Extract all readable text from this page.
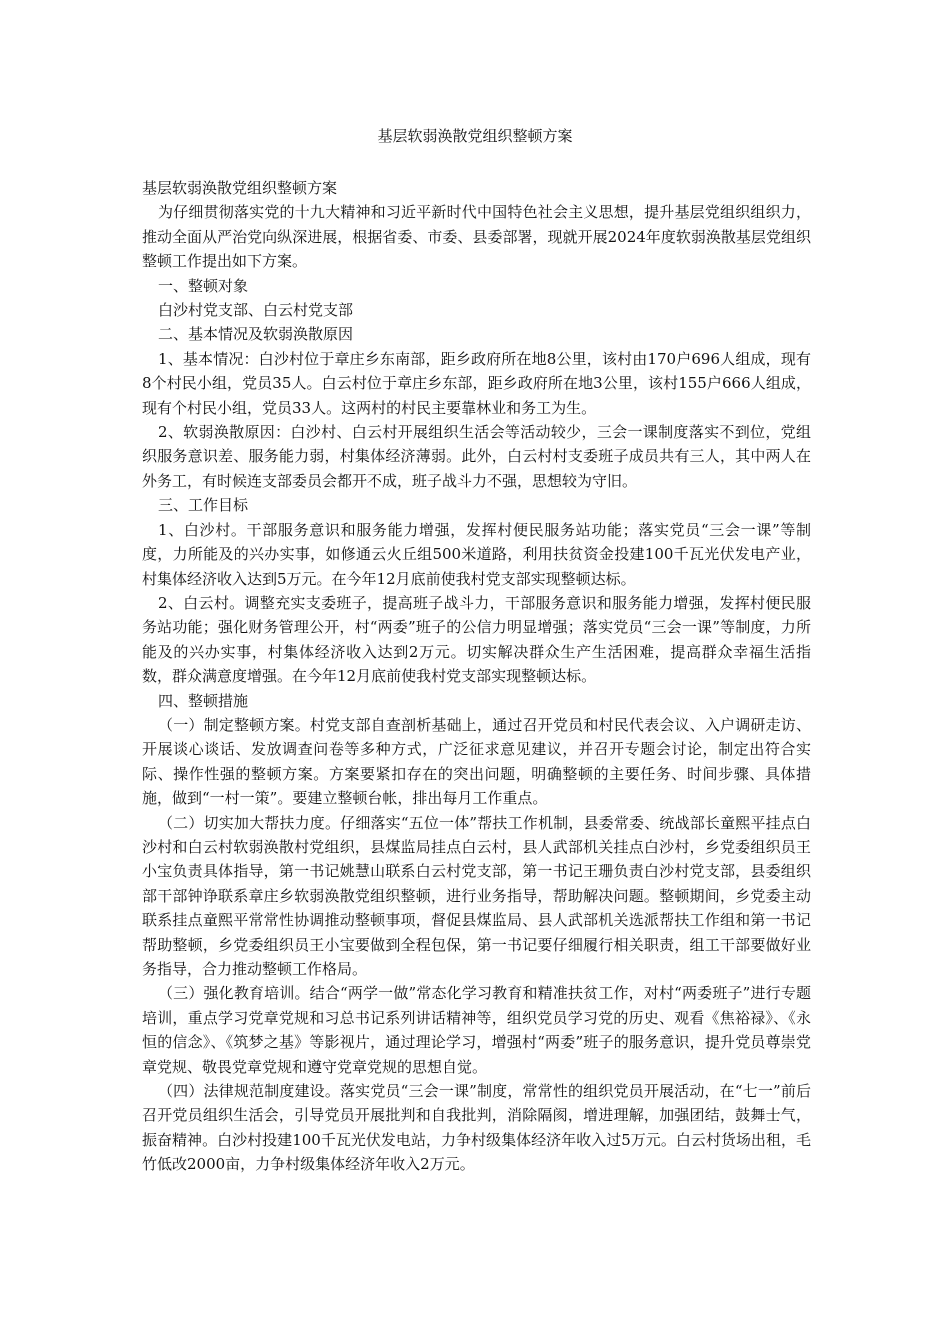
基层软弱涣散党组织整顿方案

基层软弱涣散党组织整顿方案

为仔细贯彻落实党的十九大精神和习近平新时代中国特色社会主义思想，提升基层党组织组织力，推动全面从严治党向纵深进展，根据省委、市委、县委部署，现就开展2024年度软弱涣散基层党组织整顿工作提出如下方案。

一、整顿对象

白沙村党支部、白云村党支部

二、基本情况及软弱涣散原因

1、基本情况：白沙村位于章庄乡东南部，距乡政府所在地8公里，该村由170户696人组成，现有8个村民小组，党员35人。白云村位于章庄乡东部，距乡政府所在地3公里，该村155户666人组成，现有个村民小组，党员33人。这两村的村民主要靠林业和务工为生。

2、软弱涣散原因：白沙村、白云村开展组织生活会等活动较少，三会一课制度落实不到位，党组织服务意识差、服务能力弱，村集体经济薄弱。此外，白云村村支委班子成员共有三人，其中两人在外务工，有时候连支部委员会都开不成，班子战斗力不强，思想较为守旧。

三、工作目标

1、白沙村。干部服务意识和服务能力增强，发挥村便民服务站功能；落实党员“三会一课”等制度，力所能及的兴办实事，如修通云火丘组500米道路，利用扶贫资金投建100千瓦光伏发电产业，村集体经济收入达到5万元。在今年12月底前使我村党支部实现整顿达标。

2、白云村。调整充实支委班子，提高班子战斗力，干部服务意识和服务能力增强，发挥村便民服务站功能；强化财务管理公开，村“两委”班子的公信力明显增强；落实党员“三会一课”等制度，力所能及的兴办实事，村集体经济收入达到2万元。切实解决群众生产生活困难，提高群众幸福生活指数，群众满意度增强。在今年12月底前使我村党支部实现整顿达标。

四、整顿措施

（一）制定整顿方案。村党支部自查剖析基础上，通过召开党员和村民代表会议、入户调研走访、开展谈心谈话、发放调查问卷等多种方式，广泛征求意见建议，并召开专题会讨论，制定出符合实际、操作性强的整顿方案。方案要紧扣存在的突出问题，明确整顿的主要任务、时间步骤、具体措施，做到“一村一策”。要建立整顿台帐，排出每月工作重点。

（二）切实加大帮扶力度。仔细落实“五位一体”帮扶工作机制，县委常委、统战部长童熙平挂点白沙村和白云村软弱涣散村党组织，县煤监局挂点白云村，县人武部机关挂点白沙村，乡党委组织员王小宝负责具体指导，第一书记姚慧山联系白云村党支部，第一书记王珊负责白沙村党支部，县委组织部干部钟诤联系章庄乡软弱涣散党组织整顿，进行业务指导，帮助解决问题。整顿期间，乡党委主动联系挂点童熙平常常性协调推动整顿事项，督促县煤监局、县人武部机关选派帮扶工作组和第一书记帮助整顿，乡党委组织员王小宝要做到全程包保，第一书记要仔细履行相关职责，组工干部要做好业务指导，合力推动整顿工作格局。

（三）强化教育培训。结合“两学一做”常态化学习教育和精准扶贫工作，对村“两委班子”进行专题培训，重点学习党章党规和习总书记系列讲话精神等，组织党员学习党的历史、观看《焦裕禄》、《永恒的信念》、《筑梦之基》等影视片，通过理论学习，增强村“两委”班子的服务意识，提升党员尊崇党章党规、敬畏党章党规和遵守党章党规的思想自觉。

（四）法律规范制度建设。落实党员“三会一课”制度，常常性的组织党员开展活动，在“七一”前后召开党员组织生活会，引导党员开展批判和自我批判，消除隔阂，增进理解，加强团结，鼓舞士气，振奋精神。白沙村投建100千瓦光伏发电站，力争村级集体经济年收入过5万元。白云村货场出租，毛竹低改2000亩，力争村级集体经济年收入2万元。
